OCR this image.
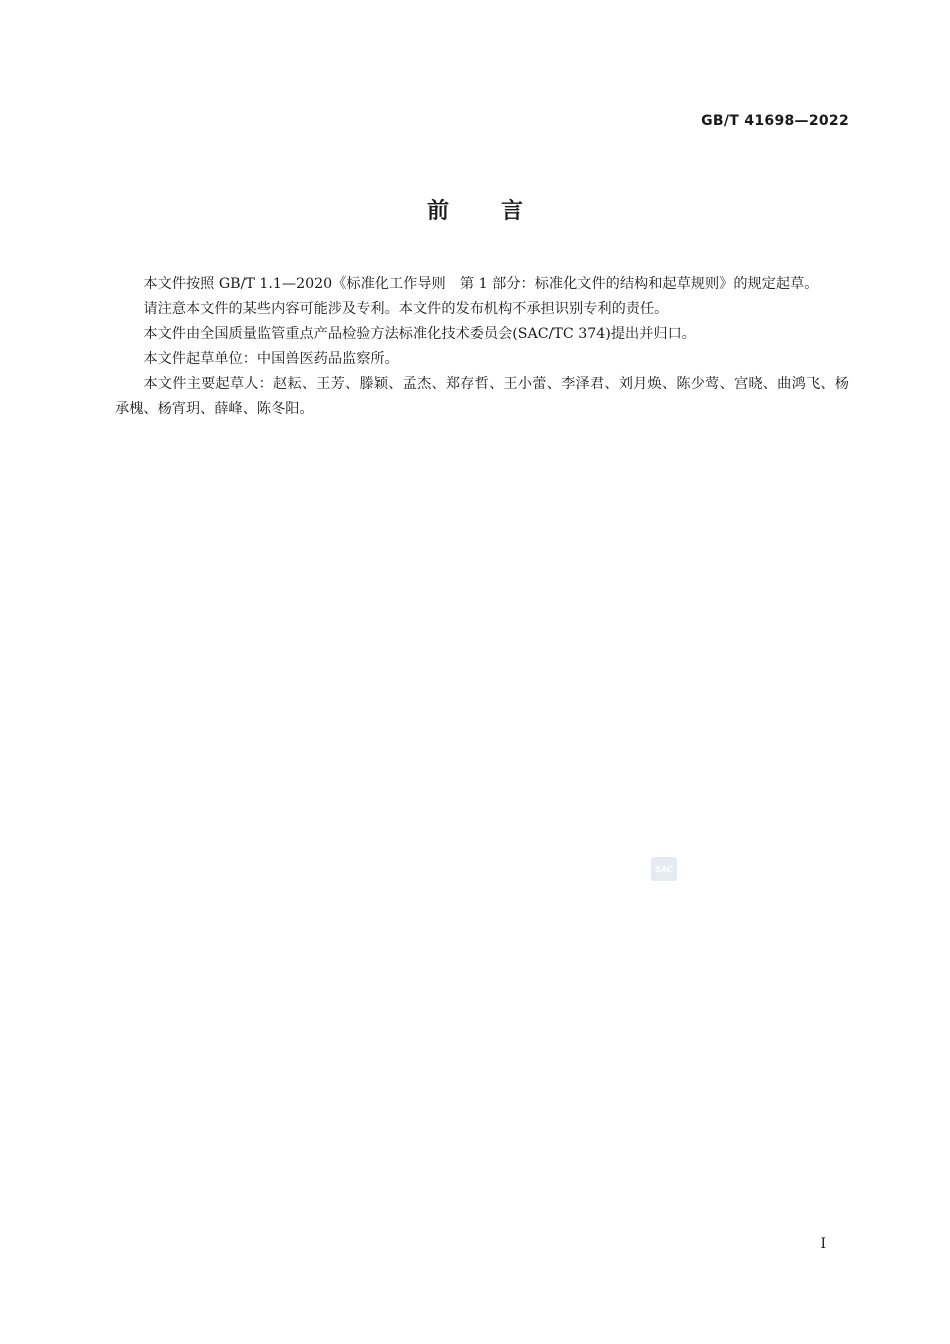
GB/T 41698—2022
前言

本文件按照 GB/T 1.1—2020《标准化工作导则　第 1 部分：标准化文件的结构和起草规则》的规定起草。

请注意本文件的某些内容可能涉及专利。本文件的发布机构不承担识别专利的责任。

本文件由全国质量监管重点产品检验方法标准化技术委员会(SAC/TC 374)提出并归口。

本文件起草单位：中国兽医药品监察所。

本文件主要起草人：赵耘、王芳、滕颖、孟杰、郑存哲、王小蕾、李泽君、刘月焕、陈少莺、宫晓、曲鸿飞、杨承槐、杨宵玥、薛峰、陈冬阳。

SAC
I
